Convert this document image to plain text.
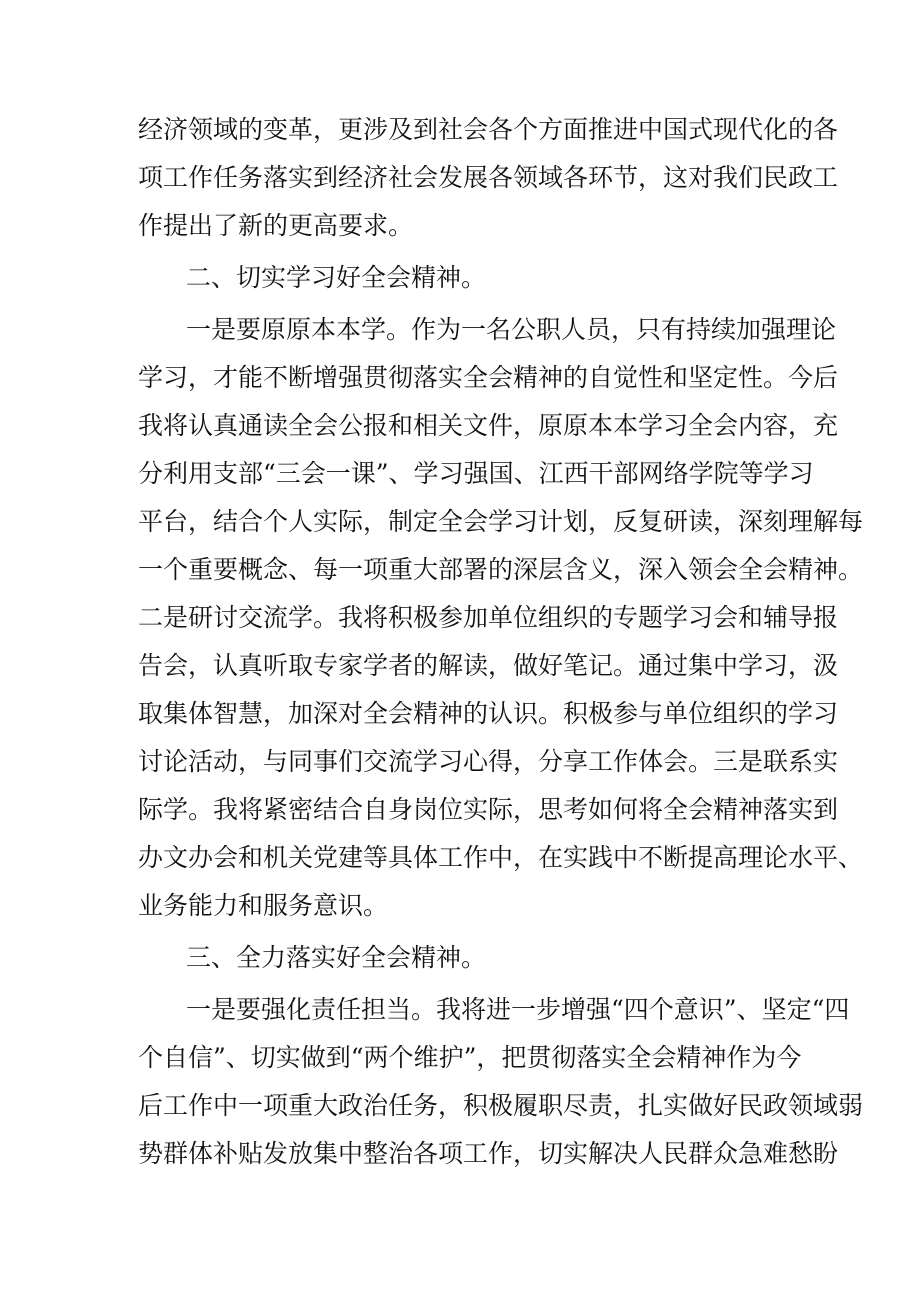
经济领域的变革，更涉及到社会各个方面推进中国式现代化的各
项工作任务落实到经济社会发展各领域各环节，这对我们民政工
作提出了新的更高要求。
二、切实学习好全会精神。
一是要原原本本学。作为一名公职人员，只有持续加强理论
学习，才能不断增强贯彻落实全会精神的自觉性和坚定性。今后
我将认真通读全会公报和相关文件，原原本本学习全会内容，充
分利用支部“三会一课”、学习强国、江西干部网络学院等学习
平台，结合个人实际，制定全会学习计划，反复研读，深刻理解每
一个重要概念、每一项重大部署的深层含义，深入领会全会精神。
二是研讨交流学。我将积极参加单位组织的专题学习会和辅导报
告会，认真听取专家学者的解读，做好笔记。通过集中学习，汲
取集体智慧，加深对全会精神的认识。积极参与单位组织的学习
讨论活动，与同事们交流学习心得，分享工作体会。三是联系实
际学。我将紧密结合自身岗位实际，思考如何将全会精神落实到
办文办会和机关党建等具体工作中，在实践中不断提高理论水平、
业务能力和服务意识。
三、全力落实好全会精神。
一是要强化责任担当。我将进一步增强“四个意识”、坚定“四
个自信”、切实做到“两个维护”，把贯彻落实全会精神作为今
后工作中一项重大政治任务，积极履职尽责，扎实做好民政领域弱
势群体补贴发放集中整治各项工作，切实解决人民群众急难愁盼
